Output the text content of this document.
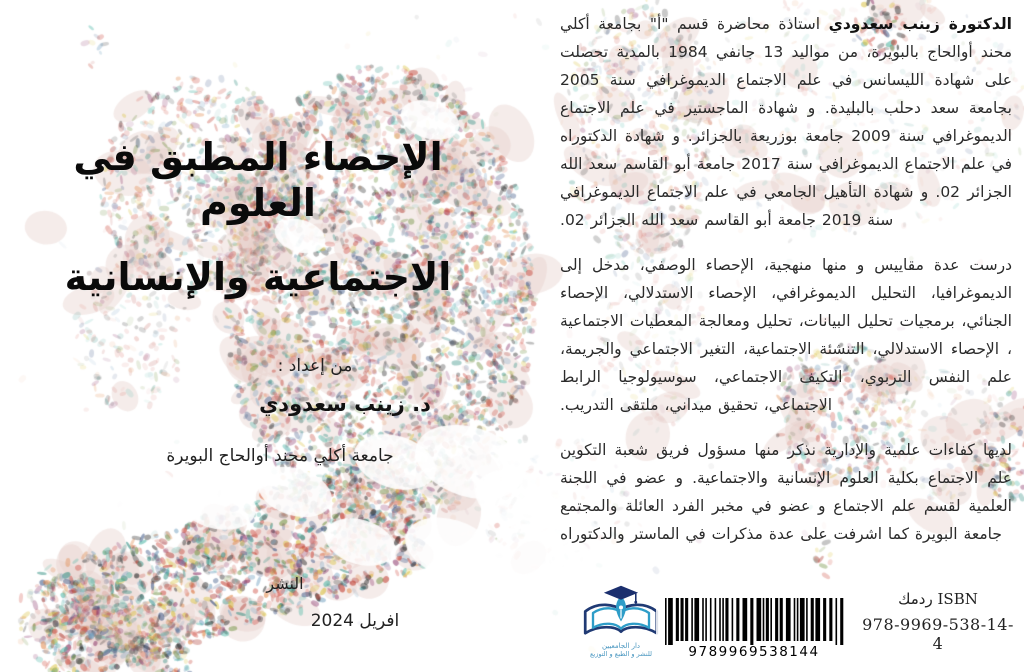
الدكتورة زينب سعدودي استاذة محاضرة قسم "أ" بجامعة أكلي محند أوالحاج بالبويرة، من مواليد 13 جانفي 1984 بالمدية تحصلت على شهادة الليسانس في علم الاجتماع الديموغرافي سنة 2005 بجامعة سعد دحلب بالبليدة. و شهادة الماجستير في علم الاجتماع الديموغرافي سنة 2009 جامعة بوزريعة بالجزائر. و شهادة الدكتوراه في علم الاجتماع الديموغرافي سنة 2017 جامعة أبو القاسم سعد الله الجزائر 02. و شهادة التأهيل الجامعي في علم الاجتماع الديموغرافي سنة 2019 جامعة أبو القاسم سعد الله الجزائر 02.

درست عدة مقاييس و منها منهجية، الإحصاء الوصفي، مدخل إلى الديموغرافيا، التحليل الديموغرافي، الإحصاء الاستدلالي، الإحصاء الجنائي، برمجيات تحليل البيانات، تحليل ومعالجة المعطيات الاجتماعية ، الإحصاء الاستدلالي، التنشئة الاجتماعية، التغير الاجتماعي والجريمة، علم النفس التربوي، التكيف الاجتماعي، سوسيولوجيا الرابط الاجتماعي، تحقيق ميداني، ملتقى التدريب.

لديها كفاءات علمية والإدارية نذكر منها مسؤول فريق شعبة التكوين علم الاجتماع بكلية العلوم الإنسانية والاجتماعية. و عضو في اللجنة العلمية لقسم علم الاجتماع و عضو في مخبر الفرد العائلة والمجتمع جامعة البويرة كما اشرفت على عدة مذكرات في الماستر والدكتوراه

الإحصاء المطبق في العلوم
الاجتماعية والإنسانية
من إعداد :
د. زينب سعدودي
جامعة أكلي محند أوالحاج البويرة
النشر
افريل 2024
دار الجامعيين
للنشر و الطبع و التوزيع	9789969538144
ISBN ردمك
978-9969-538-14-4
